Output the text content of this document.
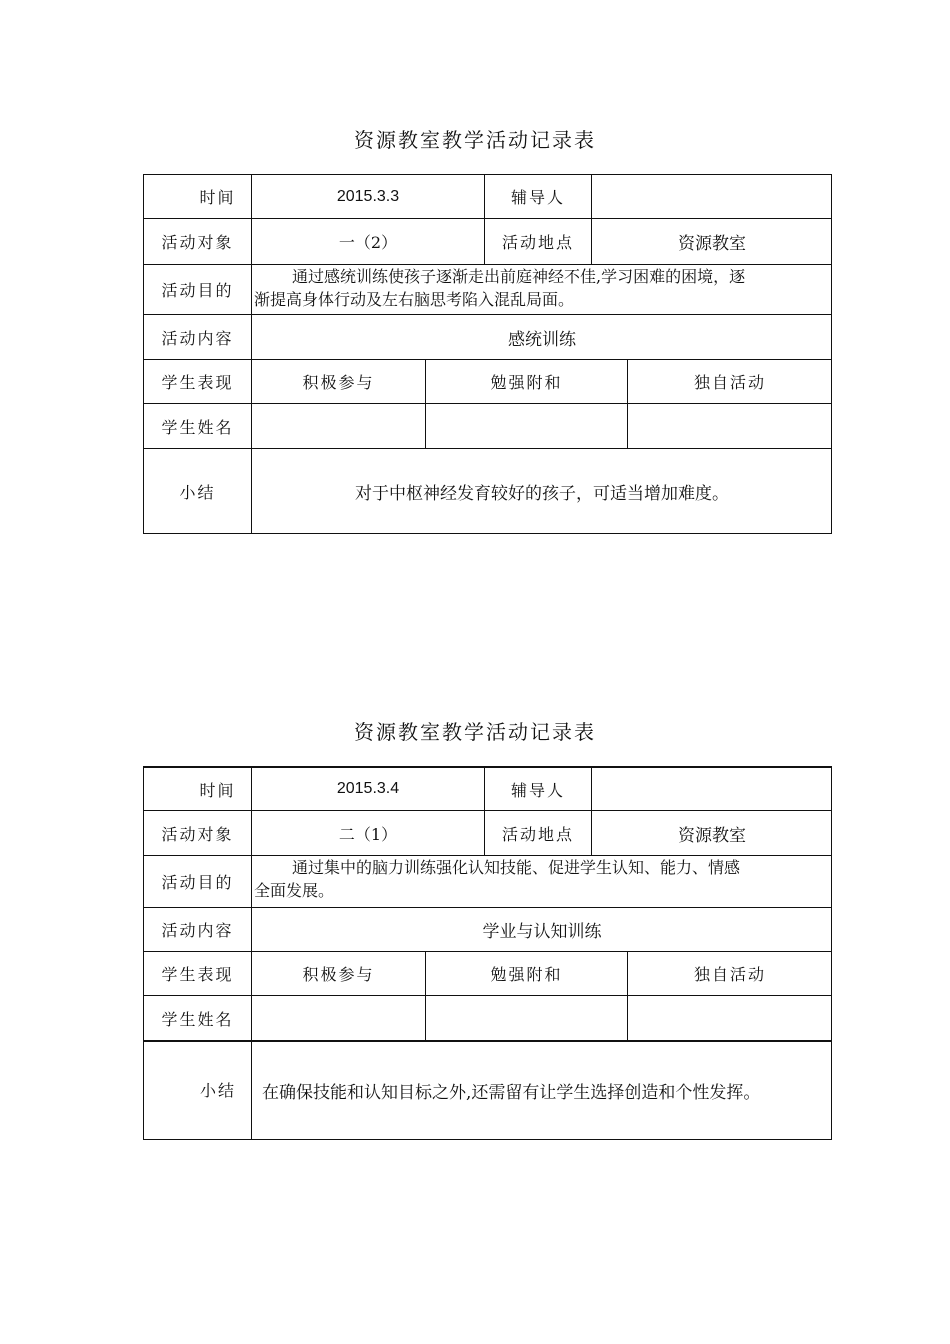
资源教室教学活动记录表
时间	2015.3.3	辅导人
活动对象	一（2）	活动地点	资源教室
活动目的
通过感统训练使孩子逐渐走出前庭神经不佳,学习困难的困境，逐
渐提高身体行动及左右脑思考陷入混乱局面。
活动内容	感统训练
学生表现	积极参与	勉强附和	独自活动
学生姓名
小结	对于中枢神经发育较好的孩子，可适当增加难度。
资源教室教学活动记录表
时间	2015.3.4	辅导人
活动对象	二（1）	活动地点	资源教室
活动目的
通过集中的脑力训练强化认知技能、促进学生认知、能力、情感
全面发展。
活动内容	学业与认知训练
学生表现	积极参与	勉强附和	独自活动
学生姓名
小结 在确保技能和认知目标之外,还需留有让学生选择创造和个性发挥。
